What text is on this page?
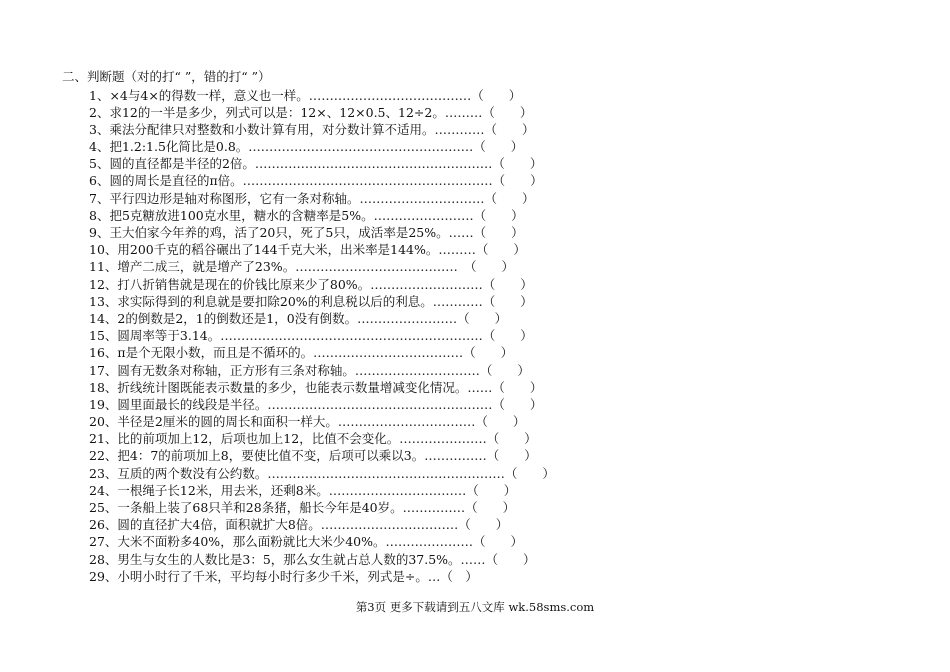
二、判断题（对的打“ ”，错的打“ ”）
1、×4与4×的得数一样，意义也一样。…………………………………（　　）
2、求12的一半是多少，列式可以是：12×、12×0.5、12÷2。………（　　）
3、乘法分配律只对整数和小数计算有用，对分数计算不适用。…………（　　）
4、把1.2:1.5化简比是0.8。………………………………………………（　　）
5、圆的直径都是半径的2倍。…………………………………………………（　　）
6、圆的周长是直径的π倍。……………………………………………………（　　）
7、平行四边形是轴对称图形，它有一条对称轴。…………………………（　　）
8、把5克糖放进100克水里，糖水的含糖率是5%。……………………（　　）
9、王大伯家今年养的鸡，活了20只，死了5只，成活率是25%。……（　　）
10、用200千克的稻谷碾出了144千克大米，出米率是144%。………（　　）
11、增产二成三，就是增产了23%。…………………………………　（　　）
12、打八折销售就是现在的价钱比原来少了80%。………………………（　　）
13、求实际得到的利息就是要扣除20%的利息税以后的利息。…………（　　）
14、2的倒数是2，1的倒数还是1，0没有倒数。……………………（　　）
15、圆周率等于3.14。………………………………………………………（　　）
16、π是个无限小数，而且是不循环的。………………………………（　　）
17、圆有无数条对称轴，正方形有三条对称轴。…………………………（　　）
18、折线统计图既能表示数量的多少，也能表示数量增减变化情况。……（　　）
19、圆里面最长的线段是半径。………………………………………………（　　）
20、半径是2厘米的圆的周长和面积一样大。……………………………（　　）
21、比的前项加上12，后项也加上12，比值不会变化。…………………（　　）
22、把4：7的前项加上8，要使比值不变，后项可以乘以3。……………（　　）
23、互质的两个数没有公约数。…………………………………………………（　　）
24、一根绳子长12米，用去米，还剩8米。……………………………（　　）
25、一条船上装了68只羊和28条猪，船长今年是40岁。……………（　　）
26、圆的直径扩大4倍，面积就扩大8倍。……………………………（　　）
27、大米不面粉多40%，那么面粉就比大米少40%。…………………（　　）
28、男生与女生的人数比是3：5，那么女生就占总人数的37.5%。……（　　）
29、小明小时行了千米，平均每小时行多少千米，列式是÷。…（　）
第3页 更多下载请到五八文库 wk.58sms.com
